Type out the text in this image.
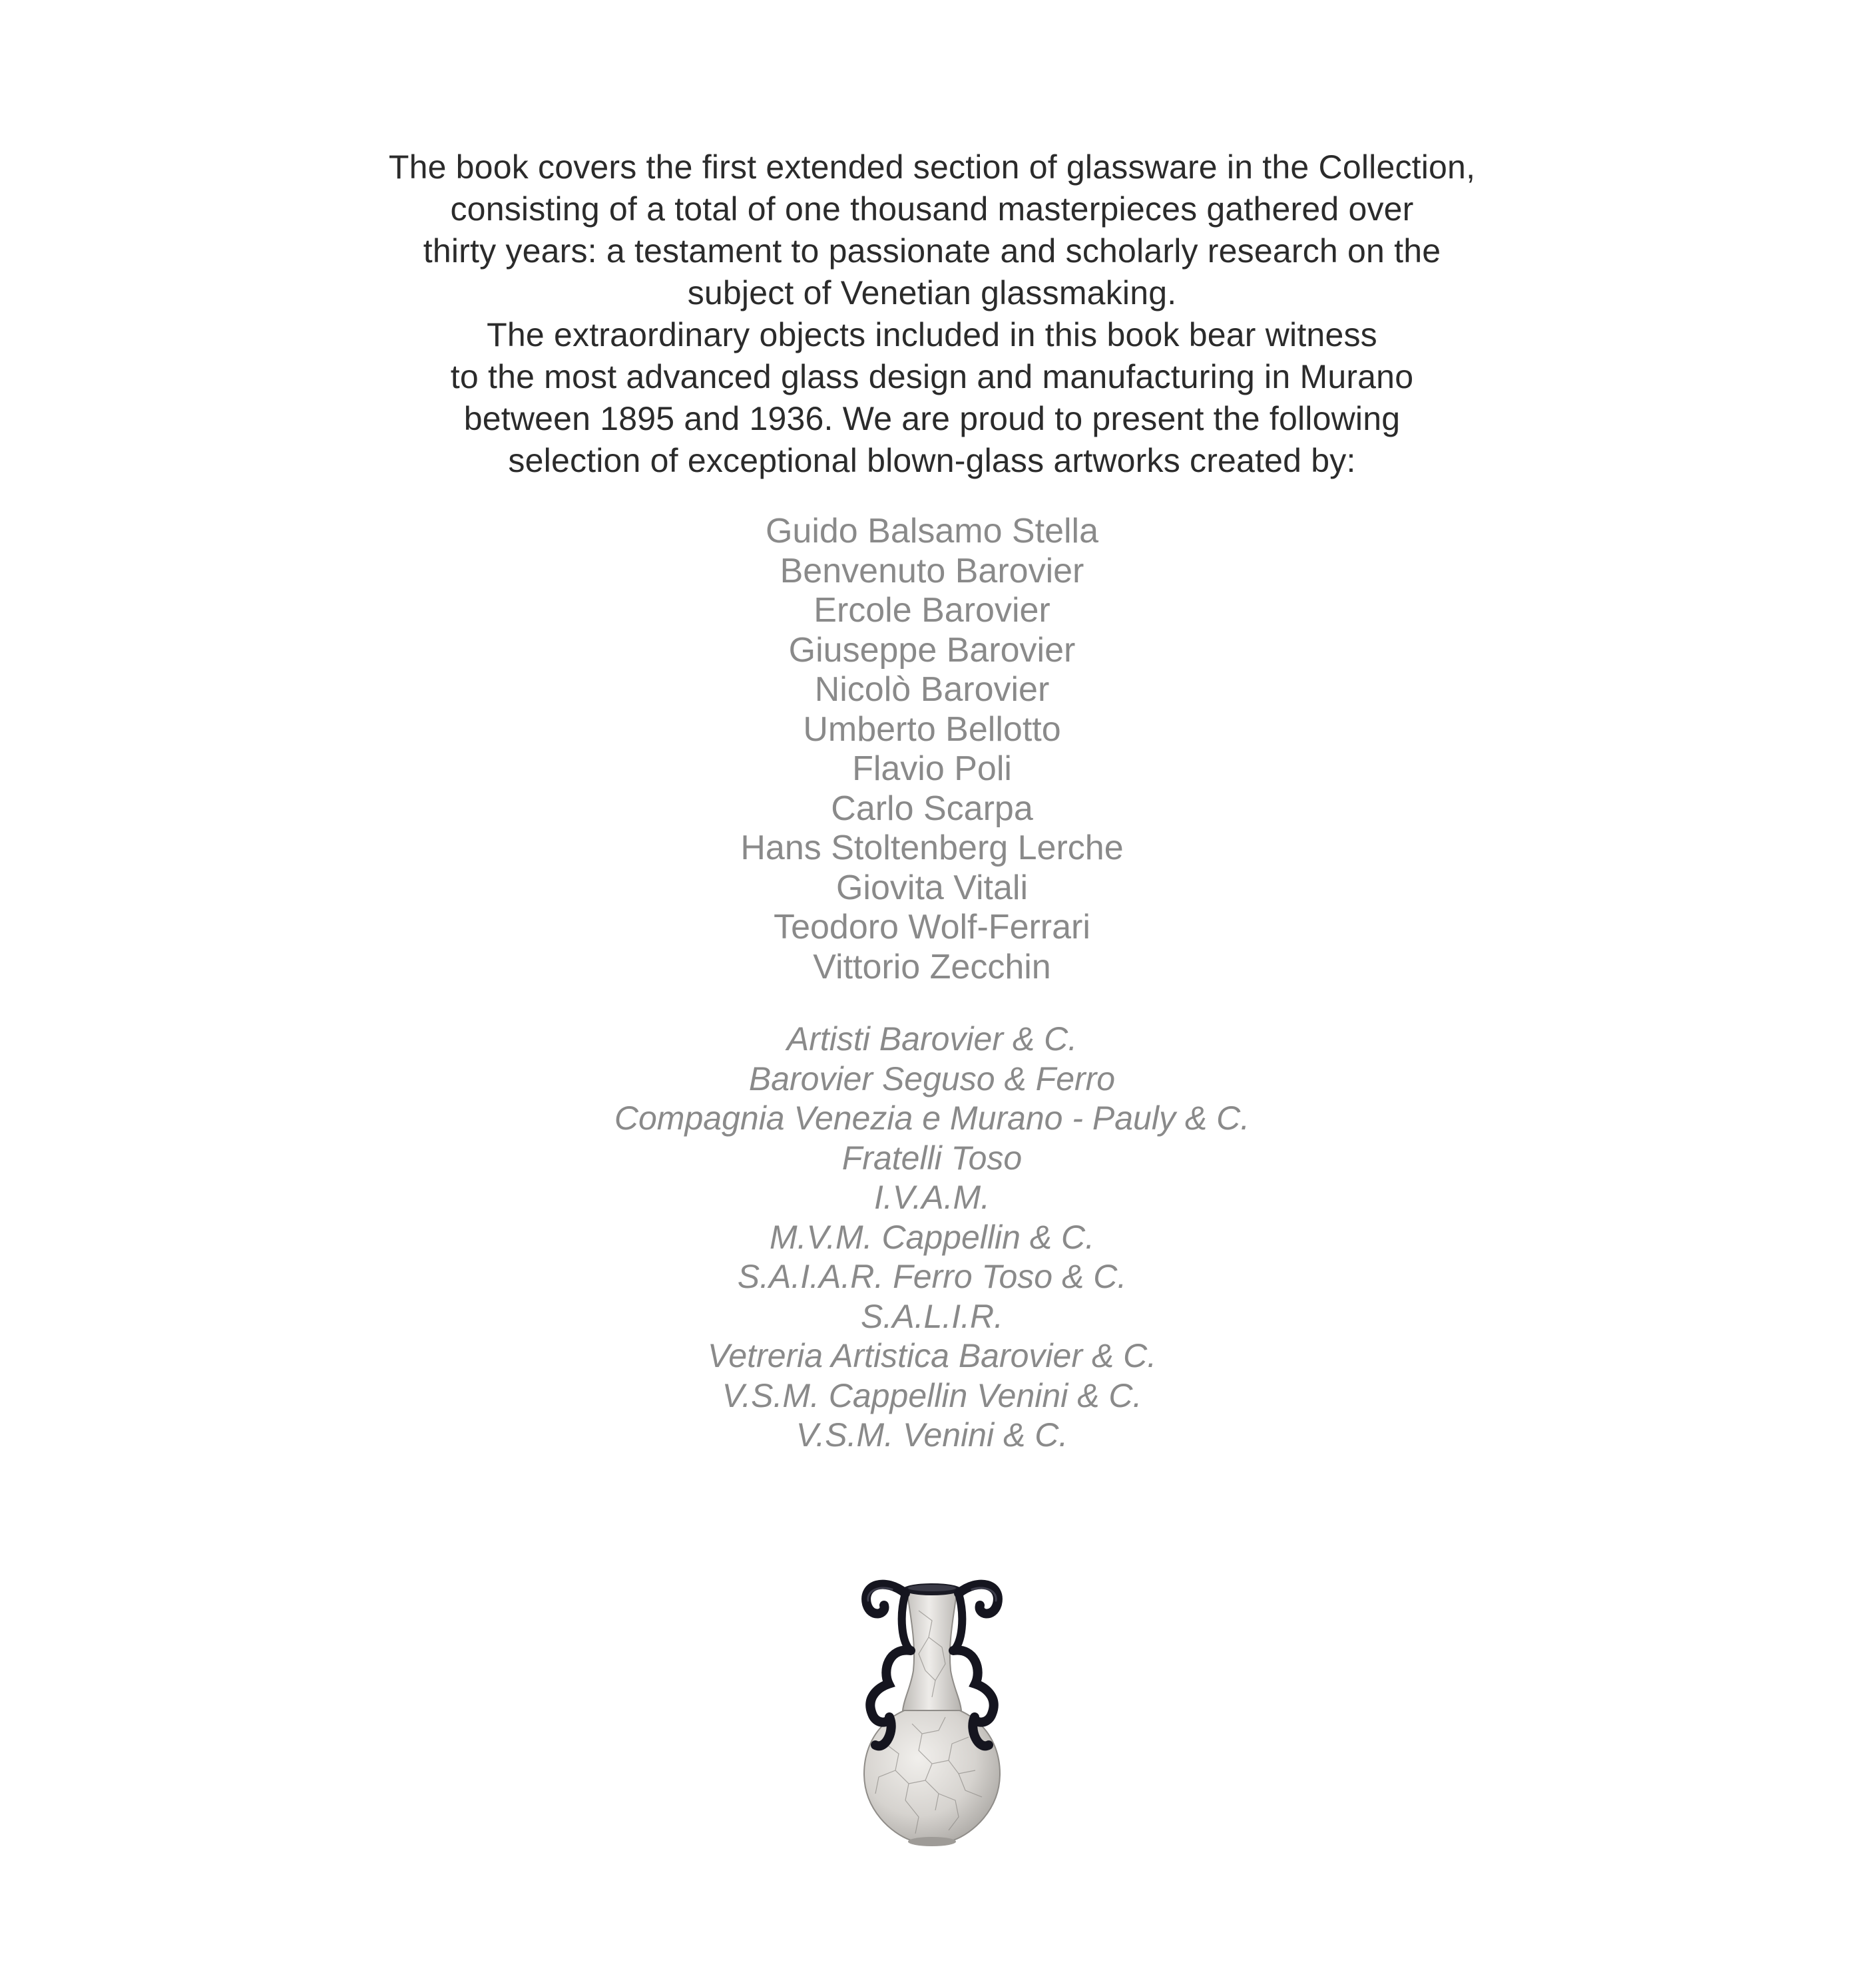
The book covers the first extended section of glassware in the Collection,
consisting of a total of one thousand masterpieces gathered over
thirty years: a testament to passionate and scholarly research on the
subject of Venetian glassmaking.
The extraordinary objects included in this book bear witness
to the most advanced glass design and manufacturing in Murano
between 1895 and 1936. We are proud to present the following
selection of exceptional blown-glass artworks created by:
Guido Balsamo Stella
Benvenuto Barovier
Ercole Barovier
Giuseppe Barovier
Nicolò Barovier
Umberto Bellotto
Flavio Poli
Carlo Scarpa
Hans Stoltenberg Lerche
Giovita Vitali
Teodoro Wolf-Ferrari
Vittorio Zecchin
Artisti Barovier & C.
Barovier Seguso & Ferro
Compagnia Venezia e Murano - Pauly & C.
Fratelli Toso
I.V.A.M.
M.V.M. Cappellin & C.
S.A.I.A.R. Ferro Toso & C.
S.A.L.I.R.
Vetreria Artistica Barovier & C.
V.S.M. Cappellin Venini & C.
V.S.M. Venini & C.
